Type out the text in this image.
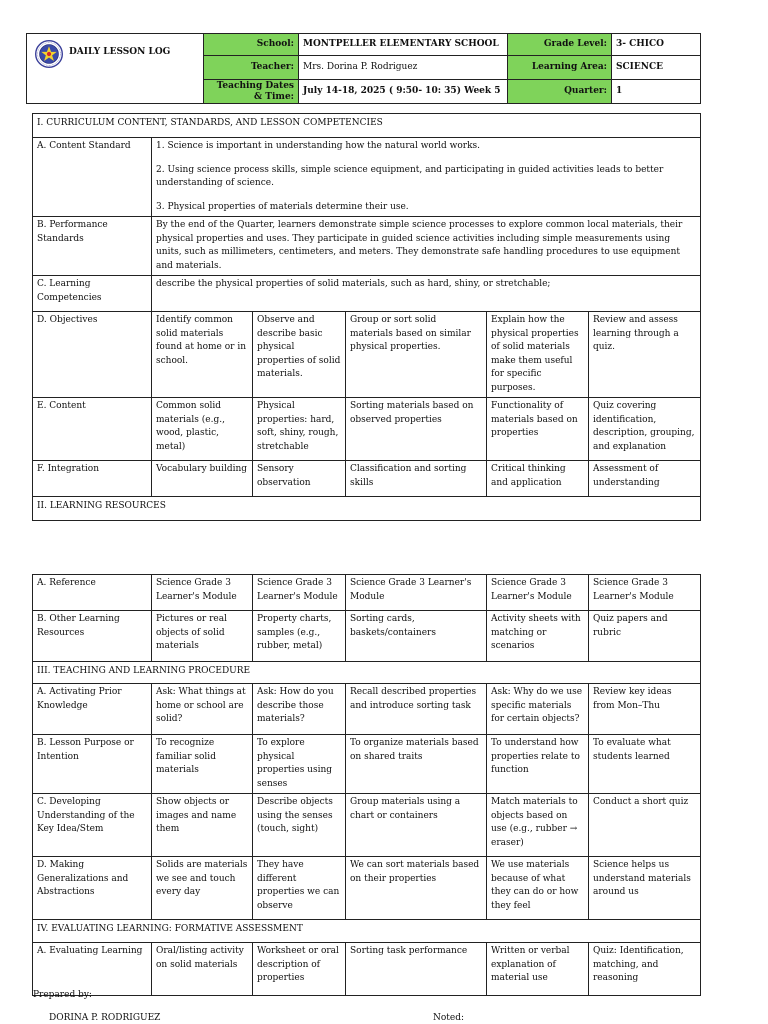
DAILY LESSON LOG	School:	MONTPELLER ELEMENTARY SCHOOL	Grade Level:	3- CHICO
	Teacher:	Mrs. Dorina P. Rodriguez	Learning Area:	SCIENCE
	Teaching Dates & Time:	July 14-18, 2025 ( 9:50- 10: 35) Week 5	Quarter:	1
I. CURRICULUM CONTENT, STANDARDS, AND LESSON COMPETENCIES					
A. Content Standard	1. Science is important in understanding how the natural world works.

2. Using science process skills, simple science equipment, and participating in guided activities leads to better understanding of science.

3. Physical properties of materials determine their use.				

B. Performance Standards	By the end of the Quarter, learners demonstrate simple science processes to explore common local materials, their physical properties and uses. They participate in guided science activities including simple measurements using units, such as millimeters, centimeters, and meters. They demonstrate safe handling procedures to use equipment and materials.				
C. Learning Competencies	describe the physical properties of solid materials, such as hard, shiny, or stretchable;				
D. Objectives	Identify common solid materials found at home or in school.	Observe and describe basic physical properties of solid materials.	Group or sort solid materials based on similar physical properties.	Explain how the physical properties of solid materials make them useful for specific purposes.	Review and assess learning through a quiz.
E. Content	Common solid materials (e.g., wood, plastic, metal)	Physical properties: hard, soft, shiny, rough, stretchable	Sorting materials based on observed properties	Functionality of materials based on properties	Quiz covering identification, description, grouping, and explanation
F. Integration	Vocabulary building	Sensory observation	Classification and sorting skills	Critical thinking and application	Assessment of understanding
II. LEARNING RESOURCES					
A. Reference	Science Grade 3 Learner's Module	Science Grade 3 Learner's Module	Science Grade 3 Learner's Module	Science Grade 3 Learner's Module	Science Grade 3 Learner's Module
B. Other Learning Resources	Pictures or real objects of solid materials	Property charts, samples (e.g., rubber, metal)	Sorting cards, baskets/containers	Activity sheets with matching or scenarios	Quiz papers and rubric
III. TEACHING AND LEARNING PROCEDURE					
A. Activating Prior Knowledge	Ask: What things at home or school are solid?	Ask: How do you describe those materials?	Recall described properties and introduce sorting task	Ask: Why do we use specific materials for certain objects?	Review key ideas from Mon–Thu
B. Lesson Purpose or Intention	To recognize familiar solid materials	To explore physical properties using senses	To organize materials based on shared traits	To understand how properties relate to function	To evaluate what students learned
C. Developing Understanding of the Key Idea/Stem	Show objects or images and name them	Describe objects using the senses (touch, sight)	Group materials using a chart or containers	Match materials to objects based on use (e.g., rubber → eraser)	Conduct a short quiz
D. Making Generalizations and Abstractions	Solids are materials we see and touch every day	They have different properties we can observe	We can sort materials based on their properties	We use materials because of what they can do or how they feel	Science helps us understand materials around us
IV. EVALUATING LEARNING: FORMATIVE ASSESSMENT					
A. Evaluating Learning	Oral/listing activity on solid materials	Worksheet or oral description of properties	Sorting task performance	Written or verbal explanation of material use	Quiz: Identification, matching, and reasoning
Prepared by:
DORINA P. RODRIGUEZ	Noted:
